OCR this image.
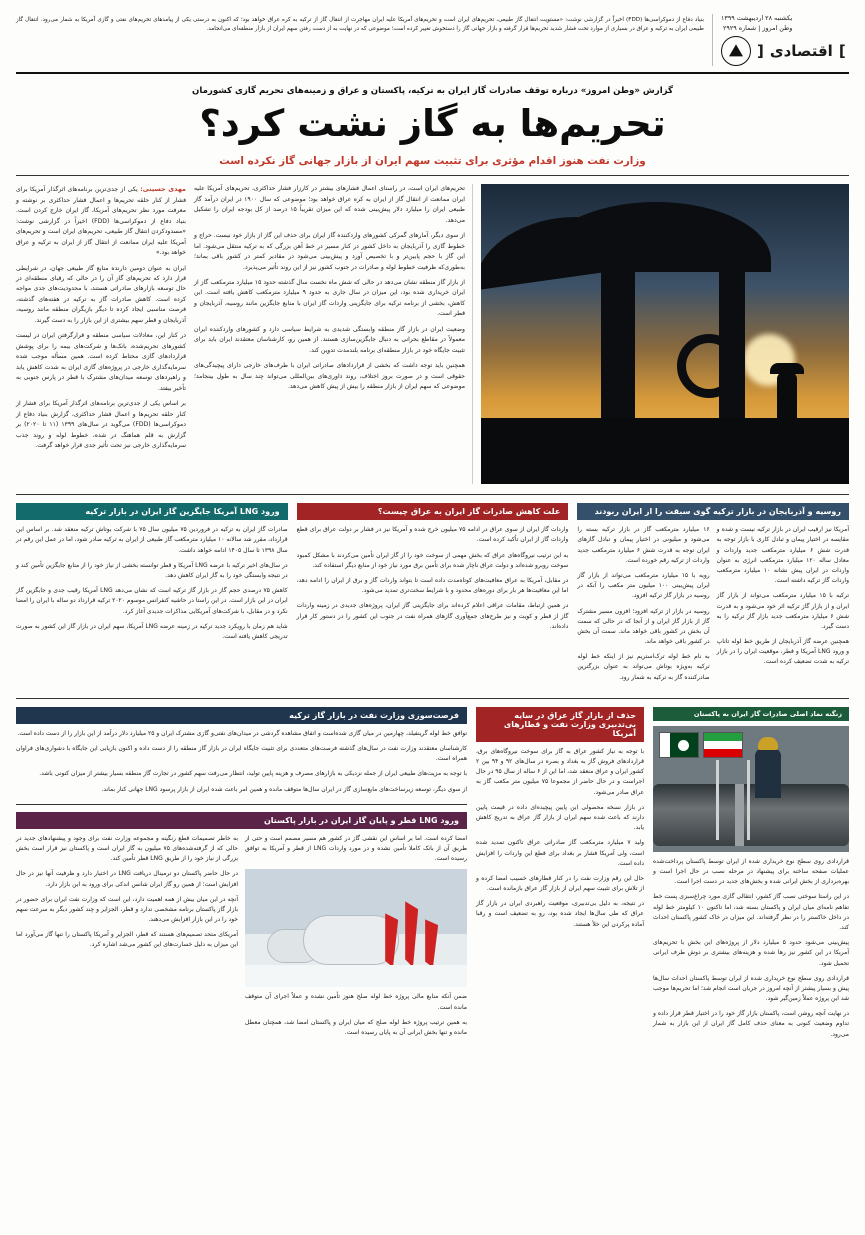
یکشنبه ۲۸ اردیبهشت ۱۳۹۹
وطن امروز | شماره ۲۹۲۹
]
اقتصادی
[
بنیاد دفاع از دموکراسی‌ها (FDD) اخیراً در گزارشی نوشت: «مستویت انتقال گاز طبیعی، تحریم‌های ایران است و تحریم‌های آمریکا علیه ایران مهاجرت از انتقال گاز از ترکیه به کره عراق خواهد بود؛ که اکنون به درستی یکی از پیامدهای تحریم‌های نفتی و گازی آمریکا به شمار می‌رود. انتقال گاز طبیعی ایران به ترکیه و عراق در بسیاری از موارد تحت فشار شدید تحریم‌ها قرار گرفته و بازار جهانی گاز را دستخوش تغییر کرده است؛ موضوعی که در نهایت به از دست رفتن سهم ایران از بازار منطقه‌ای می‌انجامد.
گزارش «وطن امروز» درباره توقف صادرات گاز ایران به ترکیه، پاکستان و عراق و زمینه‌های تحریم گازی کشورمان
تحریم‌ها به گاز نشت کرد؟
وزارت نفت هنوز اقدام مؤثری برای تثبیت سهم ایران از بازار جهانی گاز نکرده است

تحریم‌های ایران است، در راستای اعمال فشار‌های بیشتر در کارزار فشار حداکثری، تحریم‌های آمریکا علیه ایران ممانعت از انتقال گاز از ایران به کره عراق خواهد بود؛ موضوعی که سال ۱۹۰۰ در ایران درآمد گاز طبیعی ایران را میلیارد دلار پیش‌بینی شده که این میزان تقریباً ۱۵ درصد از کل بودجه ایران را تشکیل می‌دهد.

از سوی دیگر، آمارهای گمرکی کشورهای واردکننده گاز ایران برای حذف این گاز از بازار خود نیست. حراج و خطوط گازی را آذربایجان به داخل کشور در کنار مسیر در خط آهن بزرگی که به ترکیه منتقل می‌شود. اما این گاز با حجم پایین‌تر و با تخصیص آورد و پیش‌بینی می‌شود در مقادیر کمتر در کشور باقی بماند؛ به‌طوری‌که ظرفیت خطوط لوله و صادرات در جنوب کشور نیز از این روند تأثیر می‌پذیرد.

از بازار گاز منطقه نشان می‌دهد در حالی که شش ماه نخست سال گذشته حدود ۱۵ میلیارد مترمکعب گاز از ایران خریداری شده بود، این میزان در سال جاری به حدود ۹ میلیارد مترمکعب کاهش یافته است. این کاهش، بخشی از برنامه ترکیه برای جایگزینی واردات گاز ایران با منابع جایگزین مانند روسیه، آذربایجان و قطر است.

وضعیت ایران در بازار گاز منطقه وابستگی شدیدی به شرایط سیاسی دارد و کشورهای واردکننده ایران معمولاً در مقاطع بحرانی به دنبال جایگزین‌سازی هستند. از همین رو، کارشناسان معتقدند ایران باید برای تثبیت جایگاه خود در بازار منطقه‌ای برنامه بلندمدت تدوین کند.

همچنین باید توجه داشت که بخشی از قراردادهای صادراتی ایران با طرف‌های خارجی دارای پیچیدگی‌های حقوقی است و در صورت بروز اختلاف، روند داوری‌های بین‌المللی می‌تواند چند سال به طول بینجامد؛ موضوعی که سهم ایران از بازار منطقه را بیش از پیش کاهش می‌دهد.

مهدی حسینی: یکی از جدی‌ترین برنامه‌های اثرگذار آمریکا برای فشار از کنار حلقه تحریم‌ها و اعمال فشار حداکثری بر نوشته و معرفت مورد نظر تحریم‌های آمریکا، گاز ایران خارج کردن است. بنیاد دفاع از دموکراسی‌ها (FDD) اخیراً در گزارشی نوشت: «مسدودکردن انتقال گاز طبیعی، تحریم‌های ایران است و تحریم‌های آمریکا علیه ایران ممانعت از انتقال گاز از ایران به ترکیه و عراق خواهد بود.»

ایران به عنوان دومین دارنده منابع گاز طبیعی جهان، در شرایطی قرار دارد که تحریم‌های گاز آن را در حالی که رقبای منطقه‌ای در حال توسعه بازارهای صادراتی هستند، با محدودیت‌های جدی مواجه کرده است. کاهش صادرات گاز به ترکیه در هفته‌های گذشته، فرصت مناسبی ایجاد کرده تا دیگر بازیگران منطقه مانند روسیه، آذربایجان و قطر سهم بیشتری از این بازار را به دست گیرند.

در کنار این، معادلات سیاسی منطقه و قرارگرفتن ایران در لیست کشورهای تحریم‌شده، بانک‌ها و شرکت‌های بیمه را برای پوشش قراردادهای گازی محتاط کرده است. همین مسأله موجب شده سرمایه‌گذاری خارجی در پروژه‌های گازی ایران به شدت کاهش یابد و راهبردهای توسعه میدان‌های مشترک با قطر در پارس جنوبی به تأخیر بیفتد.

بر اساس یکی از جدی‌ترین برنامه‌های اثرگذار آمریکا برای فشار از کنار حلقه تحریم‌ها و اعمال فشار حداکثری، گزارش بنیاد دفاع از دموکراسی‌ها (FDD) می‌گوید در سال‌های ۱۳۹۹ (۱۱ تا ۲۰۲۰) بر گزارش به قلم هماهنگ در شده، خطوط لوله و روند جذب سرمایه‌گذاری خارجی نیز تحت تأثیر جدی قرار خواهد گرفت.

روسیه و آذربایجان در بازار ترکیه گوی سبقت را از ایران ربودند

آمریکا نیز ارقیب ایران در بازار ترکیه نیست و شده و مقایسه در اختیار پیمان و تبادل کاری با بازار توجه به قدرت شش ۶ میلیارد مترمکعب جدید واردات و معادل ساله ۱۲۰ میلیارد مترمکعب انرژی به عنوان واردات در ایران پیش نشانه ۱۰ میلیارد مترمکعب واردات گاز ترکیه داشته است.

ترکیه با ۱۵ میلیارد مترمکعب می‌تواند از بازار گاز ایران و از بازار گاز ترکیه اثر خود می‌شود و به قدرت شش ۶ میلیارد مترمکعب جدید بازار گاز ترکیه را به دست گیرد.

همچنین عرضه گاز آذربایجان از طریق خط لوله تاناپ و ورود LNG آمریکا و قطر، موقعیت ایران را در بازار ترکیه به شدت تضعیف کرده است.

۱۶ میلیارد مترمکعب گاز در بازار ترکیه بسته را می‌شود و میلیونی در اختیار پیمان و تبادل گاز‌های ایران توجه به قدرت شش ۶ میلیارد مترمکعب جدید واردات از ترکیه رقم خورده است.

رویه با ۱۵ میلیارد مترمکعب می‌تواند از بازار گاز ایران پیش‌بینی ۱۰۰ میلیون متر مکعب را آنکه در روسیه در بازار گاز ترکیه افزود.

روسیه در بازار از ترکیه افزود؛ افزون مسیر مشترک گاز از بازار گاز ایران و از آنجا که در حالی که سمت آن بخش در کشور باقی خواهد ماند. سمت آن بخش در کشور باقی خواهد ماند.

به نام خط لوله ترک‌استریم نیز از اینکه خط لوله ترکیه به‌ویژه بوتاش می‌تواند به عنوان بزرگترین صادرکننده گاز به ترکیه به شمار رود.

علت کاهش صادرات گاز ایران به عراق چیست؟

واردات گاز ایران از سوی عراق در ادامه ۷۵ میلیون خرج شده و آمریکا نیز در فشار بر دولت عراق برای قطع واردات گاز از ایران تأکید کرده است.

به این ترتیب نیروگاه‌های عراق که بخش مهمی از سوخت خود را از گاز ایران تأمین می‌کردند با مشکل کمبود سوخت روبرو شده‌اند و دولت عراق ناچار شده برای تأمین برق مورد نیاز خود از منابع دیگر استفاده کند.

در مقابل، آمریکا به عراق معافیت‌های کوتاه‌مدت داده است تا بتواند واردات گاز و برق از ایران را ادامه دهد، اما این معافیت‌ها هر بار برای دوره‌های محدود و با شرایط سخت‌تری تمدید می‌شود.

در همین ارتباط، مقامات عراقی اعلام کرده‌اند برای جایگزینی گاز ایران، پروژه‌های جدیدی در زمینه واردات گاز از قطر و کویت و نیز طرح‌های جمع‌آوری گازهای همراه نفت در جنوب این کشور را در دستور کار قرار داده‌اند.

ورود LNG آمریکا جایگزین گاز ایران در بازار ترکیه

صادرات گاز ایران به ترکیه در فروردین ۷۵ میلیون سال ۷۵ با شرکت بوتاش ترکیه منعقد شد. بر اساس این قرارداد، مقرر شد سالانه ۱۰ میلیارد مترمکعب گاز طبیعی از ایران به ترکیه صادر شود، اما در عمل این رقم در سال ۱۳۹۸ تا سال ۱۴۰۵ ادامه خواهد داشت.

در سال‌های اخیر ترکیه با عرضه LNG آمریکا و قطر توانسته بخشی از نیاز خود را از منابع جایگزین تأمین کند و در نتیجه وابستگی خود را به گاز ایران کاهش دهد.

کاهش ۷۵ درصدی حجم گاز در بازار گاز ترکیه است که نشان می‌دهد LNG آمریکا رقیب جدی و جایگزین گاز ایران در این بازار است. در این راستا در حاشیه کنفرانس موسوم ۲۰۲۰ ترکیه قرارداد دو ساله با ایران را امضا نکرد و در مقابل، با شرکت‌های آمریکایی مذاکرات جدیدی آغاز کرد.

شاید هم زمان با رویکرد جدید ترکیه در زمینه عرضه LNG آمریکا، سهم ایران در بازار گاز این کشور به صورت تدریجی کاهش یافته است.

زنگنه نماد اصلی صادرات گاز ایران به پاکستان

قراردادی روی سطح نوع خریداری شده از ایران توسط پاکستان پرداخت‌شده عملیات صفحه ساخته برای پیشنهاد در مرحله نصب در حال اجرا است و بهره‌برداری از بخش ایرانی شده و بخش‌های جدید در دست اجرا است.

در این راستا سوختی نصب گاز کشور، انتقالی گازی مورد چراغ‌سبزی پست خط تفاهم نامه‌ای میان ایران و پاکستان بسته شد، اما تاکنون ۱۰ کیلومتر خط لوله در داخل خاکستر را در نظر گرفته‌اند. این میزان در خاک کشور پاکستان احداث کند.

پیش‌بینی می‌شود حدود ۵ میلیارد دلار از پروژه‌های این بخش با تحریم‌های آمریکا در این کشور نیز رها شده و هزینه‌های بیشتری بر دوش طرف ایرانی تحمیل شود.

قراردادی روی سطح نوع خریداری شده از ایران توسط پاکستان احداث سال‌ها پیش و بسیار پیشتر از آنچه امروز در جریان است انجام شد؛ اما تحریم‌ها موجب شد این پروژه عملاً زمین‌گیر شود.

در نهایت آنچه روشن است، پاکستان بازار گاز خود را در اختیار قطر قرار داده و تداوم وضعیت کنونی به معنای حذف کامل گاز ایران از این بازار به شمار می‌رود.

حذف از بازار گاز عراق در سایه بی‌تدبیری وزارت نفت و قطارهای آمریکا

با توجه به نیاز کشور عراق به گاز برای سوخت نیروگاه‌های برق، قراردادهای فروش گاز به بغداد و بصره در سال‌های ۹۲ و ۹۴ بین ۲ کشور ایران و عراق منعقد شد، اما این از ۶ ساله از سال ۹۵ در حال اجراست و در حال حاضر از مجموعا ۷۵ میلیون متر مکعب گاز به عراق صادر می‌شود.

در بازار نسخه محصولی این پایین پیچیده‌ای داده در قیمت پایین دارند که باعث شده سهم ایران از بازار گاز عراق به تدریج کاهش یابد.

ولید ۷ میلیارد مترمکعب گاز صادراتی عراق تاکنون تمدید شده است، ولی آمریکا فشار بر بغداد برای قطع این واردات را افزایش داده است.

حال این رقم وزارت نفت را در کنار قطارهای خسیب امضا کرده و از تلاش برای تثبیت سهم ایران از بازار گاز عراق بازمانده است.

در نتیجه، به دلیل بی‌تدبیری، موقعیت راهبردی ایران در بازار گاز عراق که طی سال‌ها ایجاد شده بود، رو به تضعیف است و رقبا آماده پرکردن این خلأ هستند.

فرصت‌سوزی وزارت نفت در بازار گاز ترکیه

توافق خط لوله گرینفیلد، چهارمین در میان گازی شده‌است و اتفاق مشاهده گردشی در میدان‌های نفتی‌و گازی مشترک ایران و ۲۵ میلیارد دلار درآمد از این بازار را از دست داده است.

کارشناسان معتقدند وزارت نفت در سال‌های گذشته فرصت‌های متعددی برای تثبیت جایگاه ایران در بازار گاز منطقه را از دست داده و اکنون بازیابی این جایگاه با دشواری‌های فراوان همراه است.

با توجه به مزیت‌های طبیعی ایران از جمله نزدیکی به بازارهای مصرف و هزینه پایین تولید، انتظار می‌رفت سهم کشور در تجارت گاز منطقه بسیار بیشتر از میزان کنونی باشد.

از سوی دیگر، توسعه زیرساخت‌های مایع‌سازی گاز در ایران سال‌ها متوقف مانده و همین امر باعث شده ایران از بازار پرسود LNG جهانی کنار بماند.

ورود LNG قطر و پایان گاز ایران در بازار پاکستان

امضا کرده است. اما بر اساس این نقشی گاز در کشور هم مسیر مصمم است و حتی از طریق آن از بانک کاملا تأمین نشده و در مورد واردات LNG از قطر و آمریکا به توافق رسیده است.

ضمن آنکه منابع مالی پروژه خط لوله صلح هنوز تأمین نشده و عملاً اجرای آن متوقف مانده است.

به همین ترتیب پروژه خط لوله صلح که میان ایران و پاکستان امضا شد، همچنان معطل مانده و تنها بخش ایرانی آن به پایان رسیده است.

به خاطر تصمیمات قطع رنگینه و مجموعه وزارت نفت برای وجود و پیشنهادهای جدید در حالی که از گرفته‌شده‌های ۷۵ میلیون به گاز ایران است و پاکستان نیز قرار است بخش بزرگی از نیاز خود را از طریق LNG قطر تأمین کند.

در حال حاضر پاکستان دو ترمینال دریافت LNG در اختیار دارد و ظرفیت آنها نیز در حال افزایش است؛ از همین رو گاز ایران شانس اندکی برای ورود به این بازار دارد.

آنچه در این میان بیش از همه اهمیت دارد، این است که وزارت نفت ایران برای حضور در بازار گاز پاکستان برنامه مشخصی ندارد و قطر، الجزایر و چند کشور دیگر به سرعت سهم خود را در این بازار افزایش می‌دهند.

آمریکای متحد تصمیم‌های هستند که قطر، الجزایر و آمریکا پاکستان را تنها گاز می‌آورد اما این میزان به دلیل خسارت‌های این کشور می‌شد اشاره کرد.
